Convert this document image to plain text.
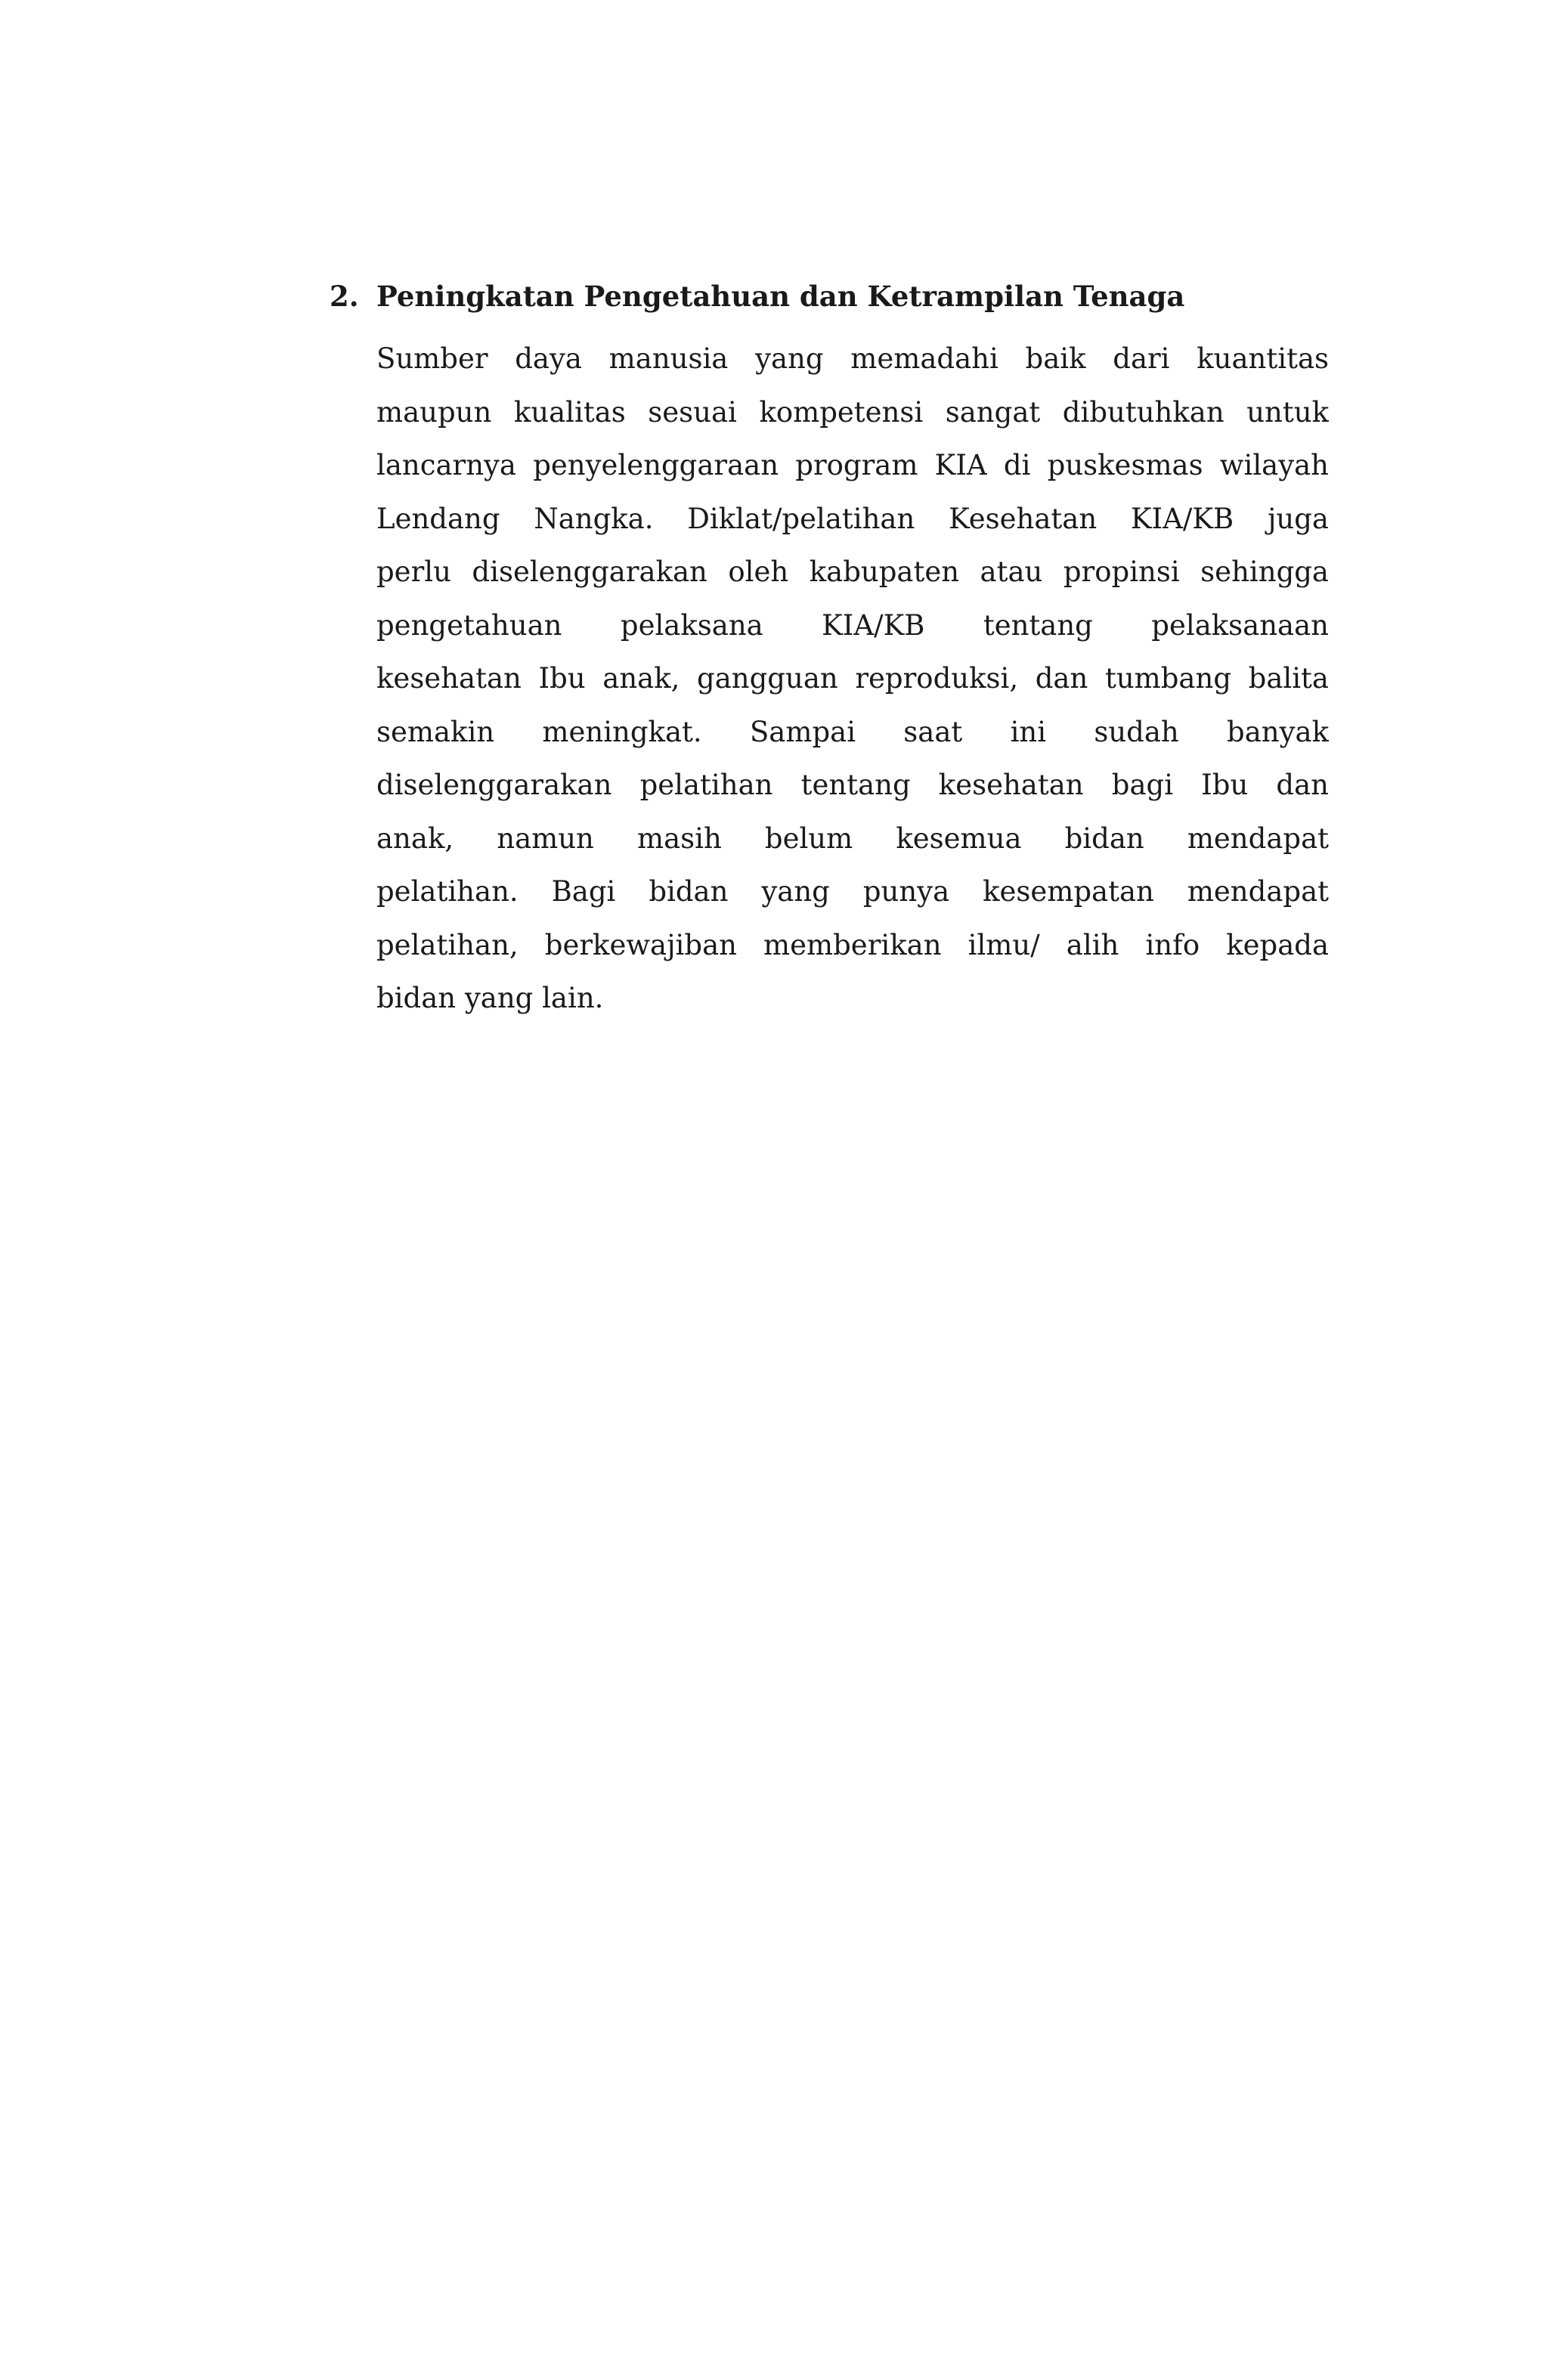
2. Peningkatan Pengetahuan dan Ketrampilan Tenaga
Sumber daya manusia yang memadahi baik dari kuantitas
maupun kualitas sesuai kompetensi sangat dibutuhkan untuk
lancarnya penyelenggaraan program KIA di puskesmas wilayah
Lendang Nangka. Diklat/pelatihan Kesehatan KIA/KB juga
perlu diselenggarakan oleh kabupaten atau propinsi sehingga
pengetahuan pelaksana KIA/KB tentang pelaksanaan
kesehatan Ibu anak, gangguan reproduksi, dan tumbang balita
semakin meningkat. Sampai saat ini sudah banyak
diselenggarakan pelatihan tentang kesehatan bagi Ibu dan
anak, namun masih belum kesemua bidan mendapat
pelatihan. Bagi bidan yang punya kesempatan mendapat
pelatihan, berkewajiban memberikan ilmu/ alih info kepada
bidan yang lain.
